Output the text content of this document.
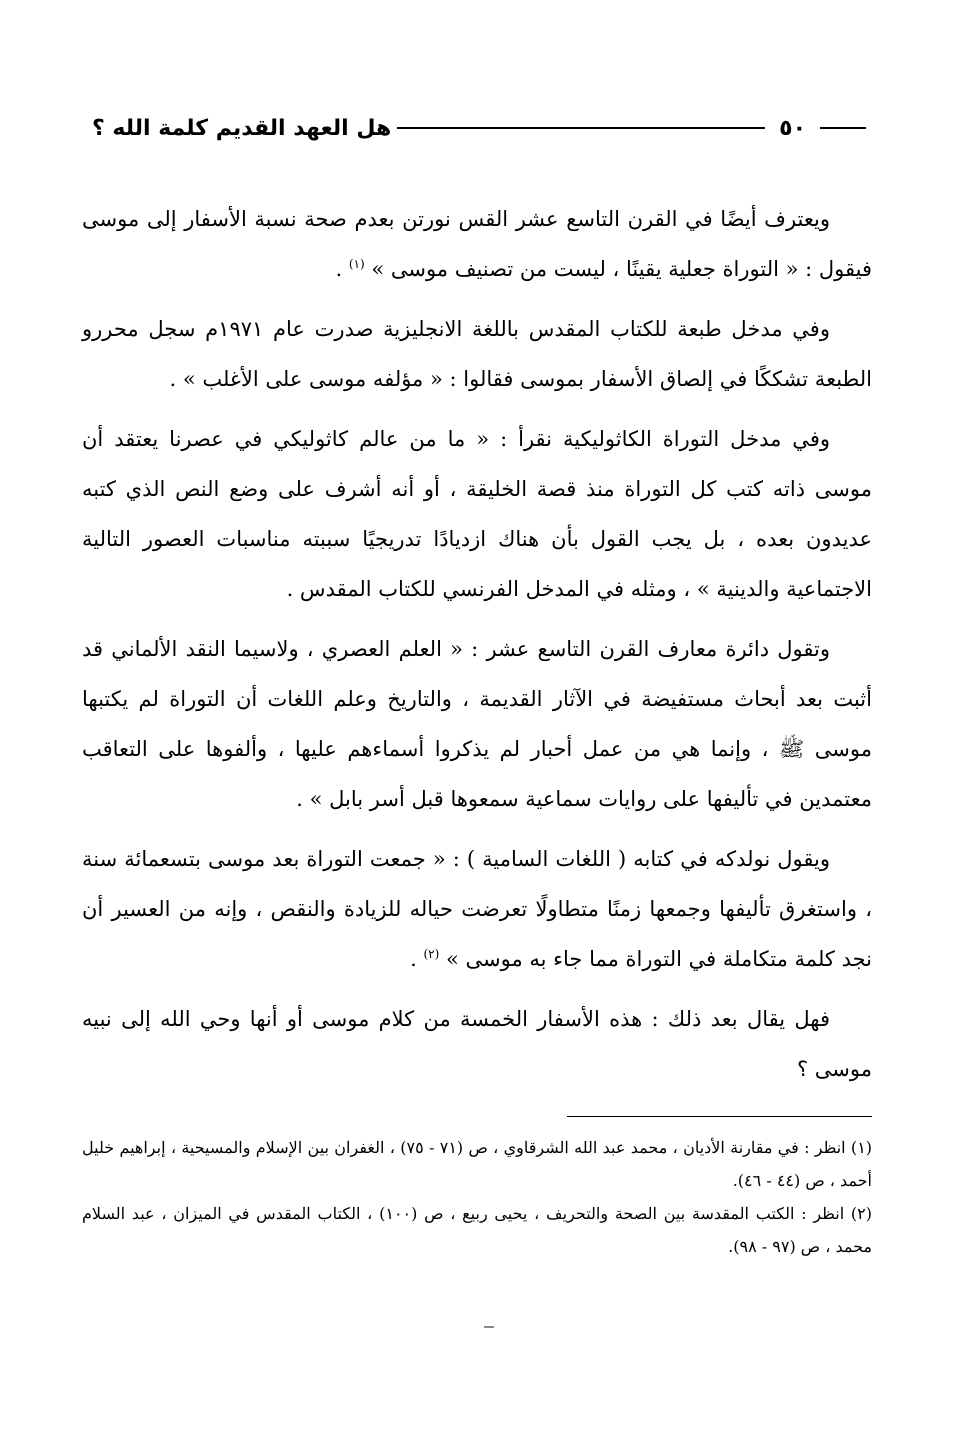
٥٠
هل العهد القديم كلمة الله ؟

ويعترف أيضًا في القرن التاسع عشر القس نورتن بعدم صحة نسبة الأسفار إلى موسى فيقول : « التوراة جعلية يقينًا ، ليست من تصنيف موسى » $^{(١)}$ .

وفي مدخل طبعة للكتاب المقدس باللغة الانجليزية صدرت عام ١٩٧١م سجل محررو الطبعة تشككًا في إلصاق الأسفار بموسى فقالوا : « مؤلفه موسى على الأغلب » .

وفي مدخل التوراة الكاثوليكية نقرأ : « ما من عالم كاثوليكي في عصرنا يعتقد أن موسى ذاته كتب كل التوراة منذ قصة الخليقة ، أو أنه أشرف على وضع النص الذي كتبه عديدون بعده ، بل يجب القول بأن هناك ازديادًا تدريجيًا سببته مناسبات العصور التالية الاجتماعية والدينية » ، ومثله في المدخل الفرنسي للكتاب المقدس .

وتقول دائرة معارف القرن التاسع عشر : « العلم العصري ، ولاسيما النقد الألماني قد أثبت بعد أبحاث مستفيضة في الآثار القديمة ، والتاريخ وعلم اللغات أن التوراة لم يكتبها موسى ﷺ ، وإنما هي من عمل أحبار لم يذكروا أسماءهم عليها ، وألفوها على التعاقب معتمدين في تأليفها على روايات سماعية سمعوها قبل أسر بابل » .

ويقول نولدكه في كتابه ( اللغات السامية ) : « جمعت التوراة بعد موسى بتسعمائة سنة ، واستغرق تأليفها وجمعها زمنًا متطاولًا تعرضت حياله للزيادة والنقص ، وإنه من العسير أن نجد كلمة متكاملة في التوراة مما جاء به موسى » $^{(٢)}$ .

فهل يقال بعد ذلك : هذه الأسفار الخمسة من كلام موسى أو أنها وحي الله إلى نبيه موسى ؟

(١) انظر : في مقارنة الأديان ، محمد عبد الله الشرقاوي ، ص (٧١ - ٧٥) ، الغفران بين الإسلام والمسيحية ، إبراهيم خليل أحمد ، ص (٤٤ - ٤٦).

(٢) انظر : الكتب المقدسة بين الصحة والتحريف ، يحيى ربيع ، ص (١٠٠) ، الكتاب المقدس في الميزان ، عبد السلام محمد ، ص (٩٧ - ٩٨).
